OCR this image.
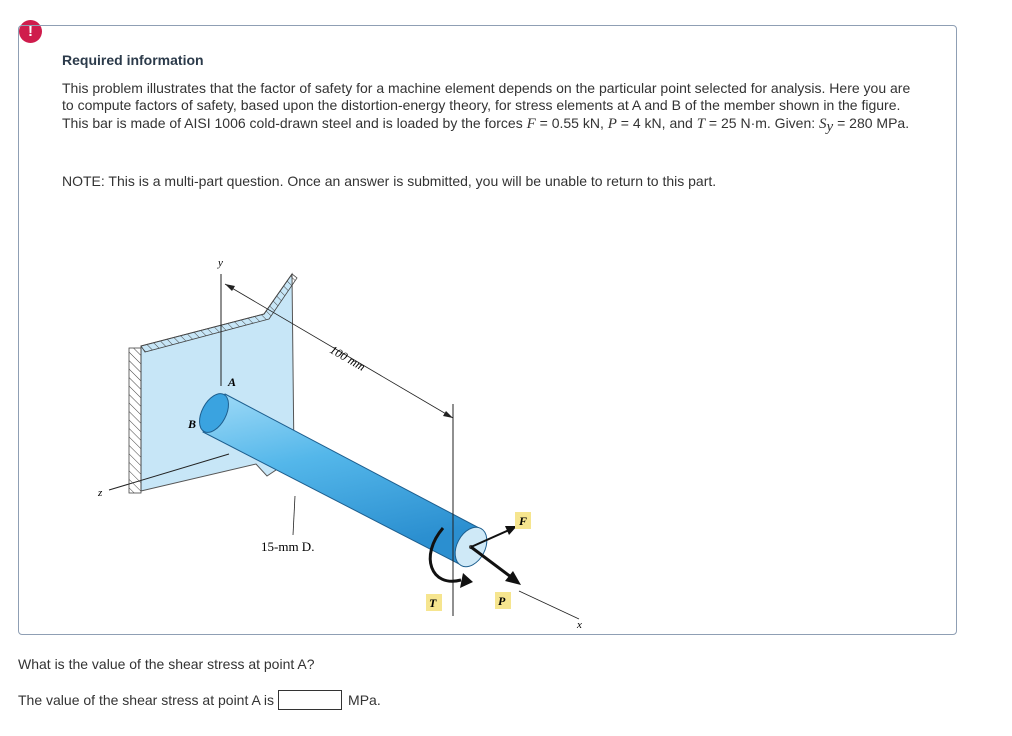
!
Required information
This problem illustrates that the factor of safety for a machine element depends on the particular point selected for analysis. Here you are to compute factors of safety, based upon the distortion-energy theory, for stress elements at A and B of the member shown in the figure. This bar is made of AISI 1006 cold-drawn steel and is loaded by the forces F = 0.55 kN, P = 4 kN, and T = 25 N·m. Given: $S_y = 280$ MPa.
NOTE: This is a multi-part question. Once an answer is submitted, you will be unable to return to this part.
y
z
100 mm
x
A
B
15-mm D.
T
F
P
What is the value of the shear stress at point A?
The value of the shear stress at point A is	MPa.
